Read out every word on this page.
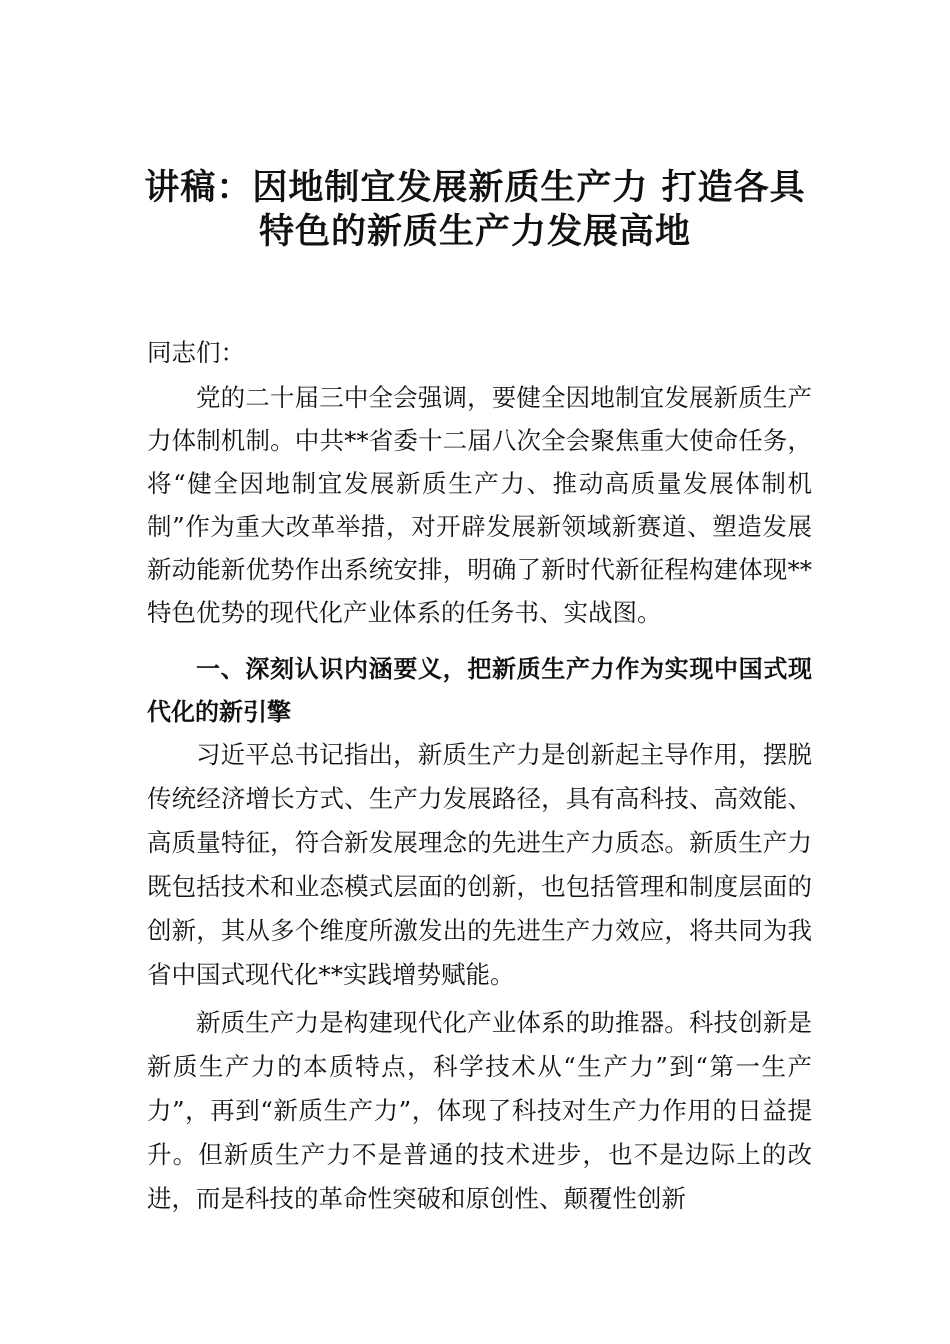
讲稿：因地制宜发展新质生产力 打造各具
特色的新质生产力发展高地
同志们：

党的二十届三中全会强调，要健全因地制宜发展新质生产力体制机制。中共**省委十二届八次全会聚焦重大使命任务，将“健全因地制宜发展新质生产力、推动高质量发展体制机制”作为重大改革举措，对开辟发展新领域新赛道、塑造发展新动能新优势作出系统安排，明确了新时代新征程构建体现**特色优势的现代化产业体系的任务书、实战图。

一、深刻认识内涵要义，把新质生产力作为实现中国式现代化的新引擎

习近平总书记指出，新质生产力是创新起主导作用，摆脱传统经济增长方式、生产力发展路径，具有高科技、高效能、高质量特征，符合新发展理念的先进生产力质态。新质生产力既包括技术和业态模式层面的创新，也包括管理和制度层面的创新，其从多个维度所激发出的先进生产力效应，将共同为我省中国式现代化**实践增势赋能。

新质生产力是构建现代化产业体系的助推器。科技创新是新质生产力的本质特点，科学技术从“生产力”到“第一生产力”，再到“新质生产力”，体现了科技对生产力作用的日益提升。但新质生产力不是普通的技术进步，也不是边际上的改进，而是科技的革命性突破和原创性、颠覆性创新
